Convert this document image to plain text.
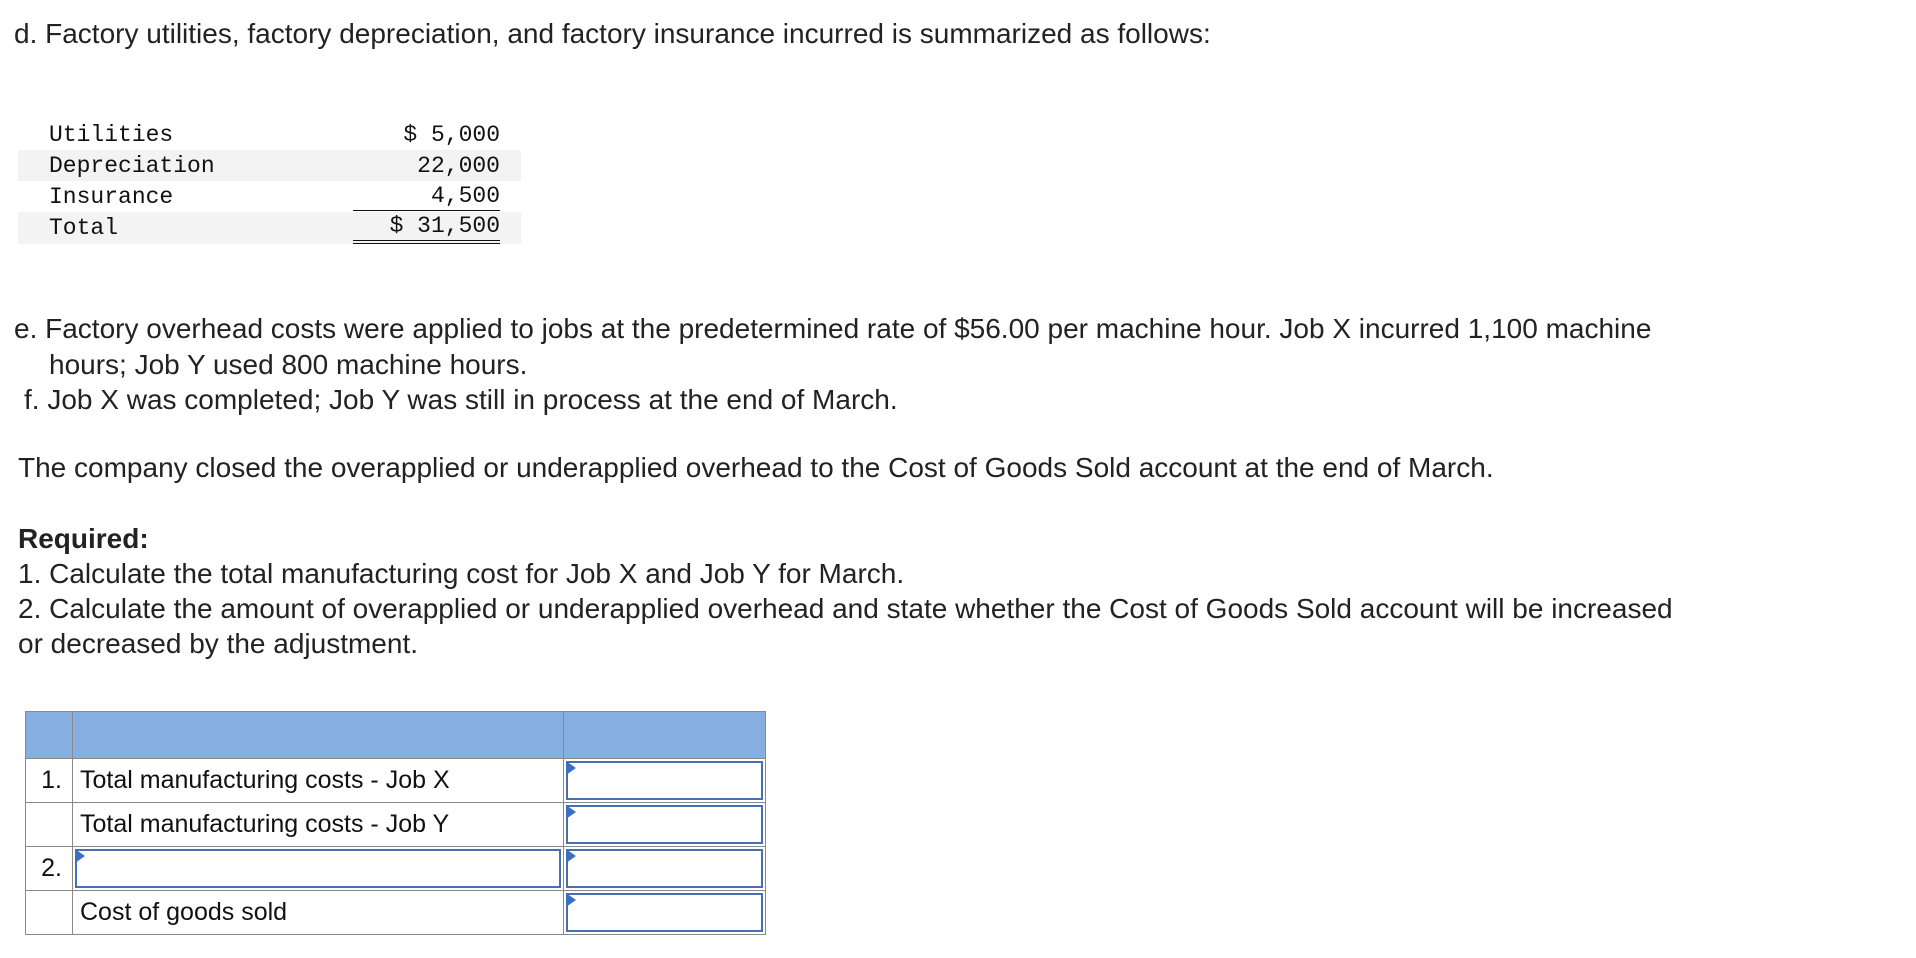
d. Factory utilities, factory depreciation, and factory insurance incurred is summarized as follows:

Utilities	$ 5,000
Depreciation	22,000
Insurance	4,500
Total	$ 31,500

e. Factory overhead costs were applied to jobs at the predetermined rate of $56.00 per machine hour. Job X incurred 1,100 machine

hours; Job Y used 800 machine hours.

f. Job X was completed; Job Y was still in process at the end of March.

The company closed the overapplied or underapplied overhead to the Cost of Goods Sold account at the end of March.

Required:

1. Calculate the total manufacturing cost for Job X and Job Y for March.

2. Calculate the amount of overapplied or underapplied overhead and state whether the Cost of Goods Sold account will be increased

or decreased by the adjustment.

1.	Total manufacturing costs - Job X	

	Total manufacturing costs - Job Y	

2.	

	Cost of goods sold	
